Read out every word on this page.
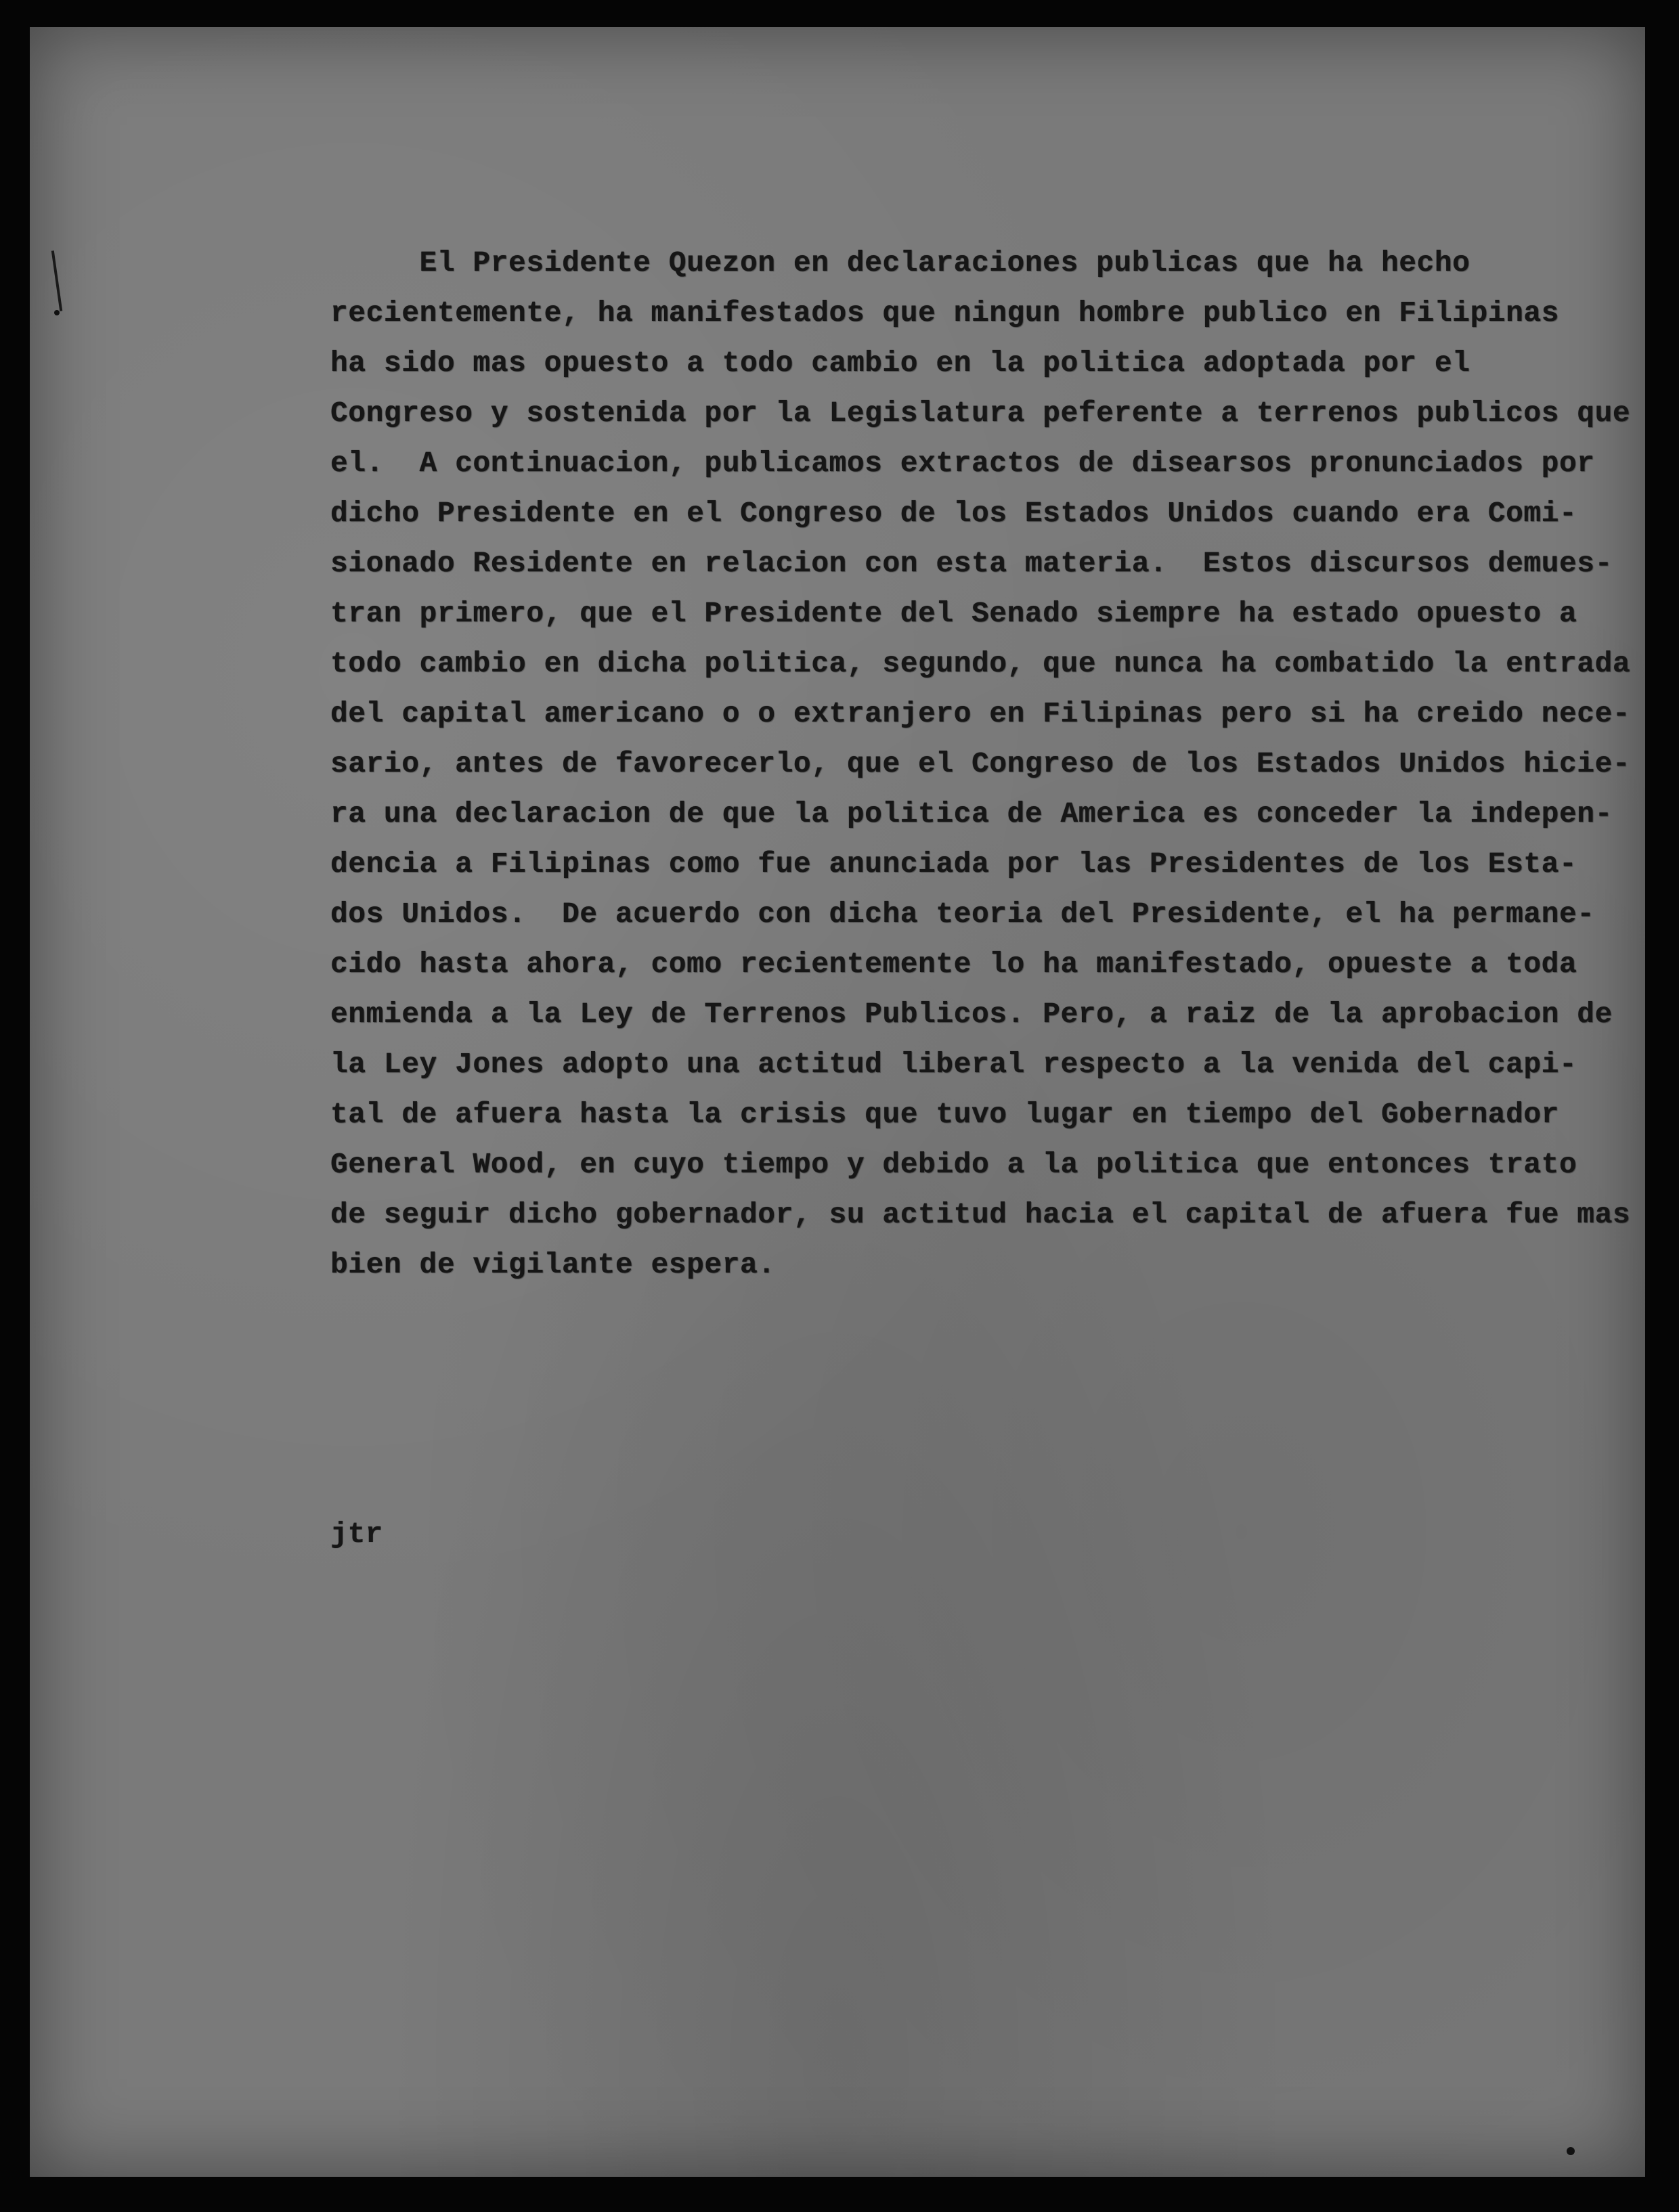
El Presidente Quezon en declaraciones publicas que ha hecho
recientemente, ha manifestados que ningun hombre publico en Filipinas
ha sido mas opuesto a todo cambio en la politica adoptada por el
Congreso y sostenida por la Legislatura peferente a terrenos publicos que
el.  A continuacion, publicamos extractos de disearsos pronunciados por
dicho Presidente en el Congreso de los Estados Unidos cuando era Comi-
sionado Residente en relacion con esta materia.  Estos discursos demues-
tran primero, que el Presidente del Senado siempre ha estado opuesto a
todo cambio en dicha politica, segundo, que nunca ha combatido la entrada
del capital americano o o extranjero en Filipinas pero si ha creido nece-
sario, antes de favorecerlo, que el Congreso de los Estados Unidos hicie-
ra una declaracion de que la politica de America es conceder la indepen-
dencia a Filipinas como fue anunciada por las Presidentes de los Esta-
dos Unidos.  De acuerdo con dicha teoria del Presidente, el ha permane-
cido hasta ahora, como recientemente lo ha manifestado, opueste a toda
enmienda a la Ley de Terrenos Publicos. Pero, a raiz de la aprobacion de
la Ley Jones adopto una actitud liberal respecto a la venida del capi-
tal de afuera hasta la crisis que tuvo lugar en tiempo del Gobernador
General Wood, en cuyo tiempo y debido a la politica que entonces trato
de seguir dicho gobernador, su actitud hacia el capital de afuera fue mas
bien de vigilante espera.
jtr
